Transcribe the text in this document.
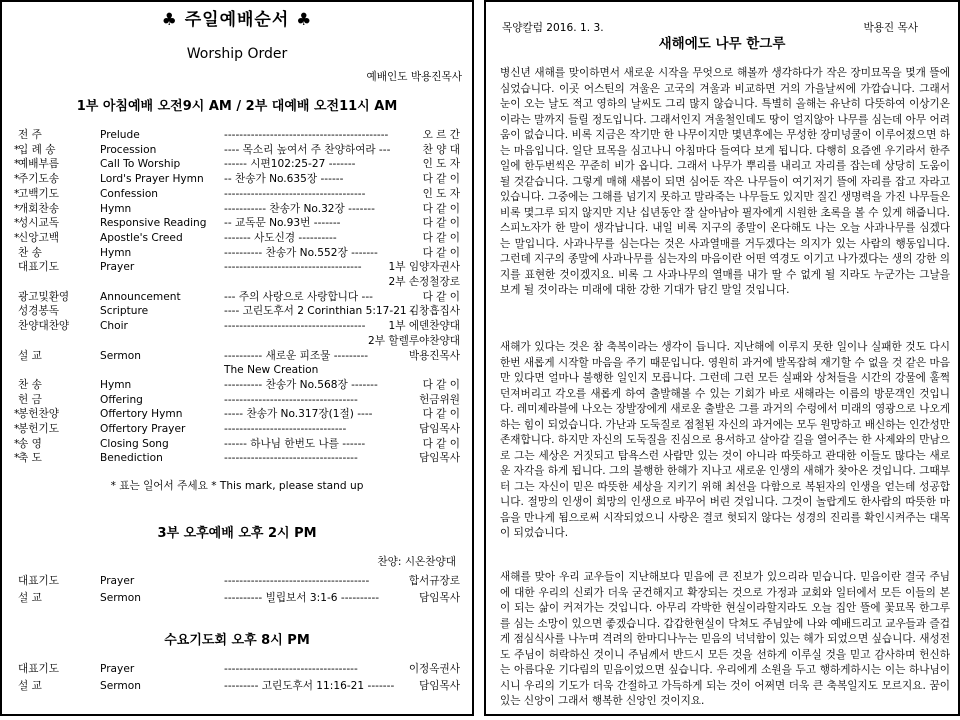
♣ 주일예배순서 ♣
Worship Order
예배인도 박용진목사
1부 아침예배 오전9시 AM / 2부 대예배 오전11시 AM
전 주	Prelude	-------------------------------------------	오 르 간
*
입 례 송	Procession	---- 목소리 높여서 주 찬양하여라 ---	찬 양 대
*
예배부름	Call To Worship	------ 시편102:25-27 -------	인 도 자
*
주기도송	Lord's Prayer Hymn -- 찬송가 No.635장 ------	다 같 이
*
고백기도	Confession	-------------------------------------	인 도 자
*
개회찬송	Hymn	----------- 찬송가 No.32장 -------	다 같 이
*
성시교독	Responsive Reading -- 교독문 No.93번 -------	다 같 이
*
신앙고백	Apostle's Creed	------- 사도신경 ----------	다 같 이
찬 송	Hymn	---------- 찬송가 No.552장 -------	다 같 이
대표기도	Prayer	------------------------------------	1부 임양자권사
2부 손정철장로
광고및환영	Announcement	--- 주의 사랑으로 사랑합니다 ---	다 같 이
성경봉독	Scripture	---- 고린도후서 2 Corinthian 5:17-21 -
김창흡집사
찬양대찬양	Choir	------------------------------------- 1부 에덴찬양대
2부 할렐루야찬양대
설 교	Sermon	---------- 새로운 피조물 ---------	박용진목사
The New Creation
찬 송	Hymn	---------- 찬송가 No.568장 -------	다 같 이
헌 금	Offering	-----------------------------------	헌금위원
*
봉헌찬양	Offertory Hymn	----- 찬송가 No.317장(1절) ----	다 같 이
*
봉헌기도	Offertory Prayer	--------------------------------	담임목사
*
송 영	Closing Song	------ 하나님 한번도 나를 ------	다 같 이
*
축 도	Benediction	-----------------------------------	담임목사
* 표는 일어서 주세요 * This mark, please stand up
3부 오후예배 오후 2시 PM
찬양: 시온찬양대
대표기도	Prayer	--------------------------------------	합서규장로
설 교	Sermon	---------- 빌립보서 3:1-6 ----------	담임목사
수요기도회 오후 8시 PM
대표기도	Prayer	-----------------------------------	이정옥권사
설 교	Sermon	--------- 고린도후서 11:16-21 ------- 담임목사
목양칼럼 2016. 1. 3.	박용진 목사
새해에도 나무 한그루
병신년 새해를 맞이하면서 새로운 시작을 무엇으로 해볼까 생각하다가 작은 장미묘목을 몇개 뜰에 심었습니다. 이곳 어스틴의 겨울은 고국의 겨울과 비교하면 거의 가을날씨에 가깝습니다. 그래서 눈이 오는 날도 적고 영하의 날씨도 그리 많지 않습니다. 특별히 올해는 유난히 다뜻하여 이상기온이라는 말까지 들릴 정도입니다. 그래서인지 겨울철인데도 땅이 얼지않아 나무를 심는데 아무 어려움이 없습니다. 비록 지금은 작기만 한 나무이지만 몇년후에는 무성한 장미넝쿨이 이루어졌으면 하는 마음입니다. 일단 묘목을 심고나니 아침마다 들여다 보게 됩니다. 다행히 요즘엔 우기라서 한주일에 한두번씩은 꾸준히 비가 옵니다. 그래서 나무가 뿌리를 내리고 자리를 잡는데 상당히 도움이 될 것같습니다. 그렇게 매해 새봄이 되면 심어둔 작은 나무들이 여기저기 뜰에 자리를 잡고 자라고 있습니다. 그중에는 그해를 넘기지 못하고 말라죽는 나무들도 있지만 질긴 생명력을 가진 나무들은 비록 몇그루 되지 않지만 지난 십년동안 잘 살아남아 필자에게 시원한 초록을 볼 수 있게 해줍니다. 스피노자가 한 말이 생각납니다. 내일 비록 지구의 종말이 온다해도 나는 오늘 사과나무를 심겠다는 말입니다. 사과나무를 심는다는 것은 사과열매를 거두겠다는 의지가 있는 사람의 행동입니다. 그런데 지구의 종말에 사과나무를 심는자의 마음이란 어떤 역경도 이기고 나가겠다는 생의 강한 의지를 표현한 것이겠지요. 비록 그 사과나무의 열매를 내가 딸 수 없게 될 지라도 누군가는 그날을 보게 될 것이라는 미래에 대한 강한 기대가 담긴 말일 것입니다.
새해가 있다는 것은 참 축복이라는 생각이 듭니다. 지난해에 이루지 못한 일이나 실패한 것도 다시한번 새롭게 시작할 마음을 주기 때문입니다. 영원히 과거에 발목잡혀 재기할 수 없을 것 같은 마음만 있다면 얼마나 불행한 일인지 모릅니다. 그런데 그런 모든 실패와 상처들을 시간의 강물에 훌쩍 던져버리고 각오를 새롭게 하여 출발해볼 수 있는 기회가 바로 새해라는 이름의 방문객인 것입니다. 레미제라블에 나오는 장발장에게 새로운 출발은 그를 과거의 수렁에서 미래의 영광으로 나오게 하는 힘이 되었습니다. 가난과 도둑질로 점철된 자신의 과거에는 모두 원망하고 배신하는 인간성만 존재합니다. 하지만 자신의 도둑질을 진심으로 용서하고 살아갈 길을 열어주는 한 사제와의 만남으로 그는 세상은 거짓되고 탐욕스런 사람만 있는 것이 아니라 따뜻하고 관대한 이들도 많다는 새로운 자각을 하게 됩니다. 그의 불행한 한해가 지나고 새로운 인생의 새해가 찾아온 것입니다. 그때부터 그는 자신이 믿은 따뜻한 세상을 지키기 위해 최선을 다함으로 복된자의 인생을 얻는데 성공합니다. 절망의 인생이 희망의 인생으로 바꾸어 버린 것입니다. 그것이 놀랍게도 한사람의 따뜻한 마음을 만나게 됨으로써 시작되었으니 사랑은 결코 헛되지 않다는 성경의 진리를 확인시켜주는 대목이 되었습니다.
새해를 맞아 우리 교우들이 지난해보다 믿음에 큰 진보가 있으리라 믿습니다. 믿음이란 결국 주님에 대한 우리의 신뢰가 더욱 굳건해지고 확장되는 것으로 가정과 교회와 일터에서 모든 이들의 본이 되는 삶이 커져가는 것입니다. 아무리 각박한 현실이라할지라도 오늘 집안 뜰에 꽃묘목 한그루를 심는 소망이 있으면 좋겠습니다. 갑갑한현실이 닥쳐도 주님앞에 나와 예배드리고 교우들과 즐겁게 점심식사를 나누며 격려의 한마디나누는 믿음의 넉넉함이 있는 해가 되었으면 싶습니다. 새성전도 주님이 허락하신 것이니 주님께서 반드시 모든 것을 선하게 이루실 것을 믿고 감사하며 헌신하는 아름다운 기다림의 믿음이었으면 싶습니다. 우리에게 소원을 두고 행하게하시는 이는 하나님이시니 우리의 기도가 더욱 간절하고 가득하게 되는 것이 어쩌면 더욱 큰 축복일지도 모르지요. 꿈이 있는 신앙이 그래서 행복한 신앙인 것이지요.
